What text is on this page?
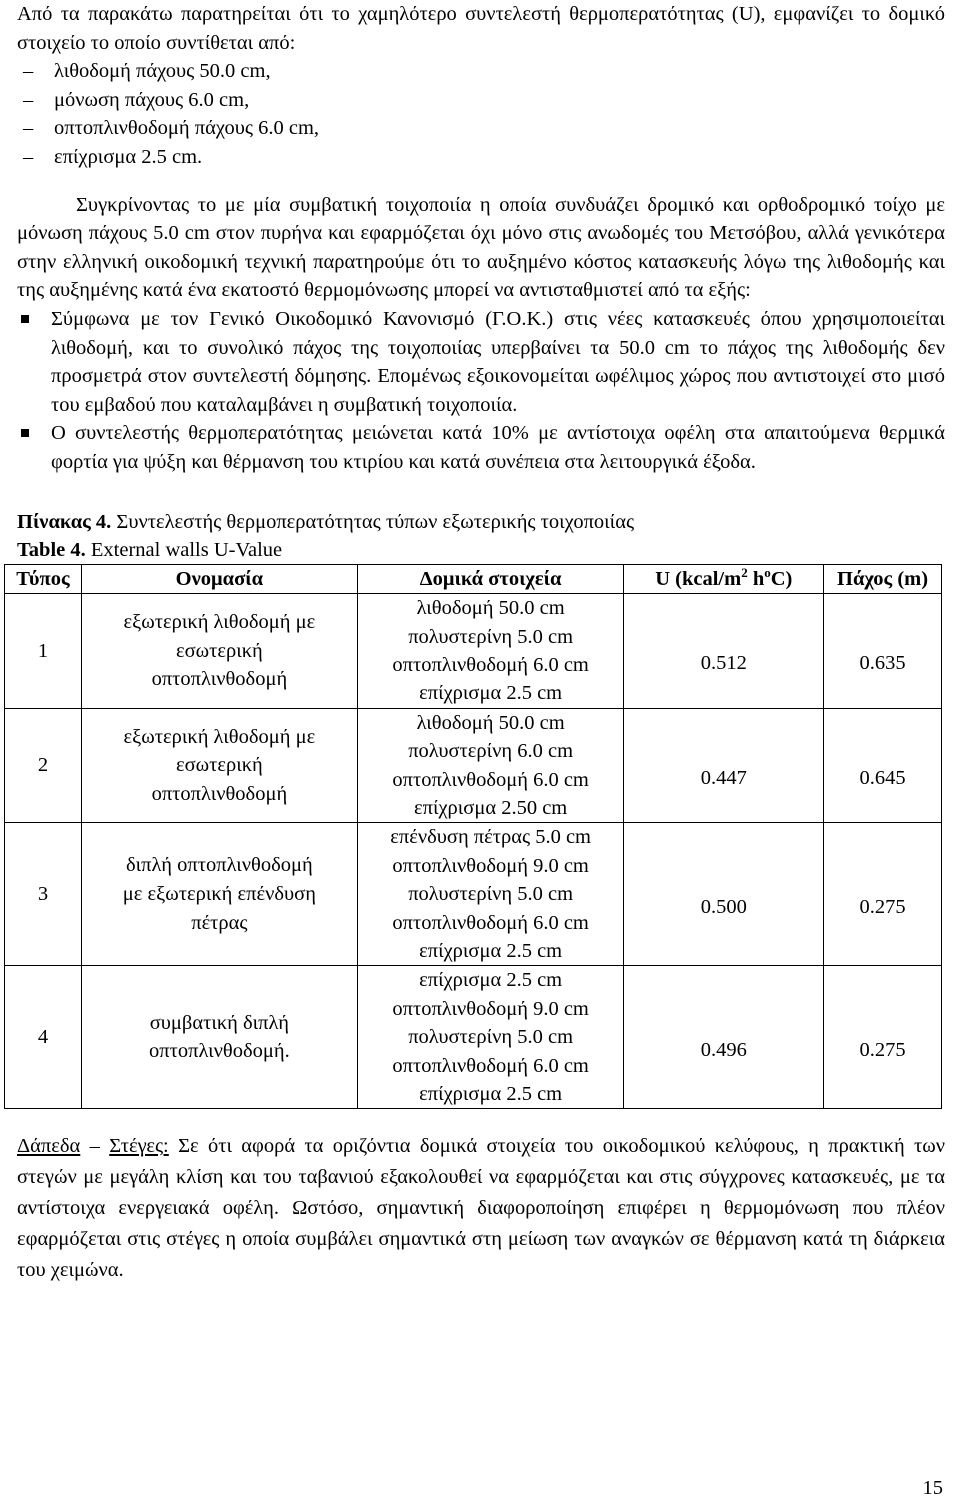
Από τα παρακάτω παρατηρείται ότι το χαμηλότερο συντελεστή θερμοπερατότητας (U), εμφανίζει το δομικό στοιχείο το οποίο συντίθεται από:

– λιθοδομή πάχους 50.0 cm,
– μόνωση πάχους 6.0 cm,
– οπτοπλινθοδομή πάχους 6.0 cm,
– επίχρισμα 2.5 cm.

Συγκρίνοντας το με μία συμβατική τοιχοποιία η οποία συνδυάζει δρομικό και ορθοδρομικό τοίχο με μόνωση πάχους 5.0 cm στον πυρήνα και εφαρμόζεται όχι μόνο στις ανωδομές του Μετσόβου, αλλά γενικότερα στην ελληνική οικοδομική τεχνική παρατηρούμε ότι το αυξημένο κόστος κατασκευής λόγω της λιθοδομής και της αυξημένης κατά ένα εκατοστό θερμομόνωσης μπορεί να αντισταθμιστεί από τα εξής:

Σύμφωνα με τον Γενικό Οικοδομικό Κανονισμό (Γ.Ο.Κ.) στις νέες κατασκευές όπου χρησιμοποιείται λιθοδομή, και το συνολικό πάχος της τοιχοποιίας υπερβαίνει τα 50.0 cm το πάχος της λιθοδομής δεν προσμετρά στον συντελεστή δόμησης. Επομένως εξοικονομείται ωφέλιμος χώρος που αντιστοιχεί στο μισό του εμβαδού που καταλαμβάνει η συμβατική τοιχοποιία.
Ο συντελεστής θερμοπερατότητας μειώνεται κατά 10% με αντίστοιχα οφέλη στα απαιτούμενα θερμικά φορτία για ψύξη και θέρμανση του κτιρίου και κατά συνέπεια στα λειτουργικά έξοδα.
Πίνακας 4. Συντελεστής θερμοπερατότητας τύπων εξωτερικής τοιχοποιίας
Table 4. External walls U-Value
Τύπος	Ονομασία	Δομικά στοιχεία	U ($kcal/m^2$ $h^oC$)	Πάχος (m)
1	εξωτερική λιθοδομή με εσωτερική οπτοπλινθοδομή	λιθοδομή 50.0 cm
πολυστερίνη 5.0 cm
οπτοπλινθοδομή 6.0 cm
επίχρισμα 2.5 cm	0.512	0.635
2	εξωτερική λιθοδομή με εσωτερική οπτοπλινθοδομή	λιθοδομή 50.0 cm
πολυστερίνη 6.0 cm
οπτοπλινθοδομή 6.0 cm
επίχρισμα 2.50 cm	0.447	0.645
3	διπλή οπτοπλινθοδομή με εξωτερική επένδυση πέτρας	επένδυση πέτρας 5.0 cm
οπτοπλινθοδομή 9.0 cm
πολυστερίνη 5.0 cm
οπτοπλινθοδομή 6.0 cm
επίχρισμα 2.5 cm	0.500	0.275
4	συμβατική διπλή οπτοπλινθοδομή.	επίχρισμα 2.5 cm
οπτοπλινθοδομή 9.0 cm
πολυστερίνη 5.0 cm
οπτοπλινθοδομή 6.0 cm
επίχρισμα 2.5 cm	0.496	0.275

Δάπεδα – Στέγες: Σε ότι αφορά τα οριζόντια δομικά στοιχεία του οικοδομικού κελύφους, η πρακτική των στεγών με μεγάλη κλίση και του ταβανιού εξακολουθεί να εφαρμόζεται και στις σύγχρονες κατασκευές, με τα αντίστοιχα ενεργειακά οφέλη. Ωστόσο, σημαντική διαφοροποίηση επιφέρει η θερμομόνωση που πλέον εφαρμόζεται στις στέγες η οποία συμβάλει σημαντικά στη μείωση των αναγκών σε θέρμανση κατά τη διάρκεια του χειμώνα.

15
